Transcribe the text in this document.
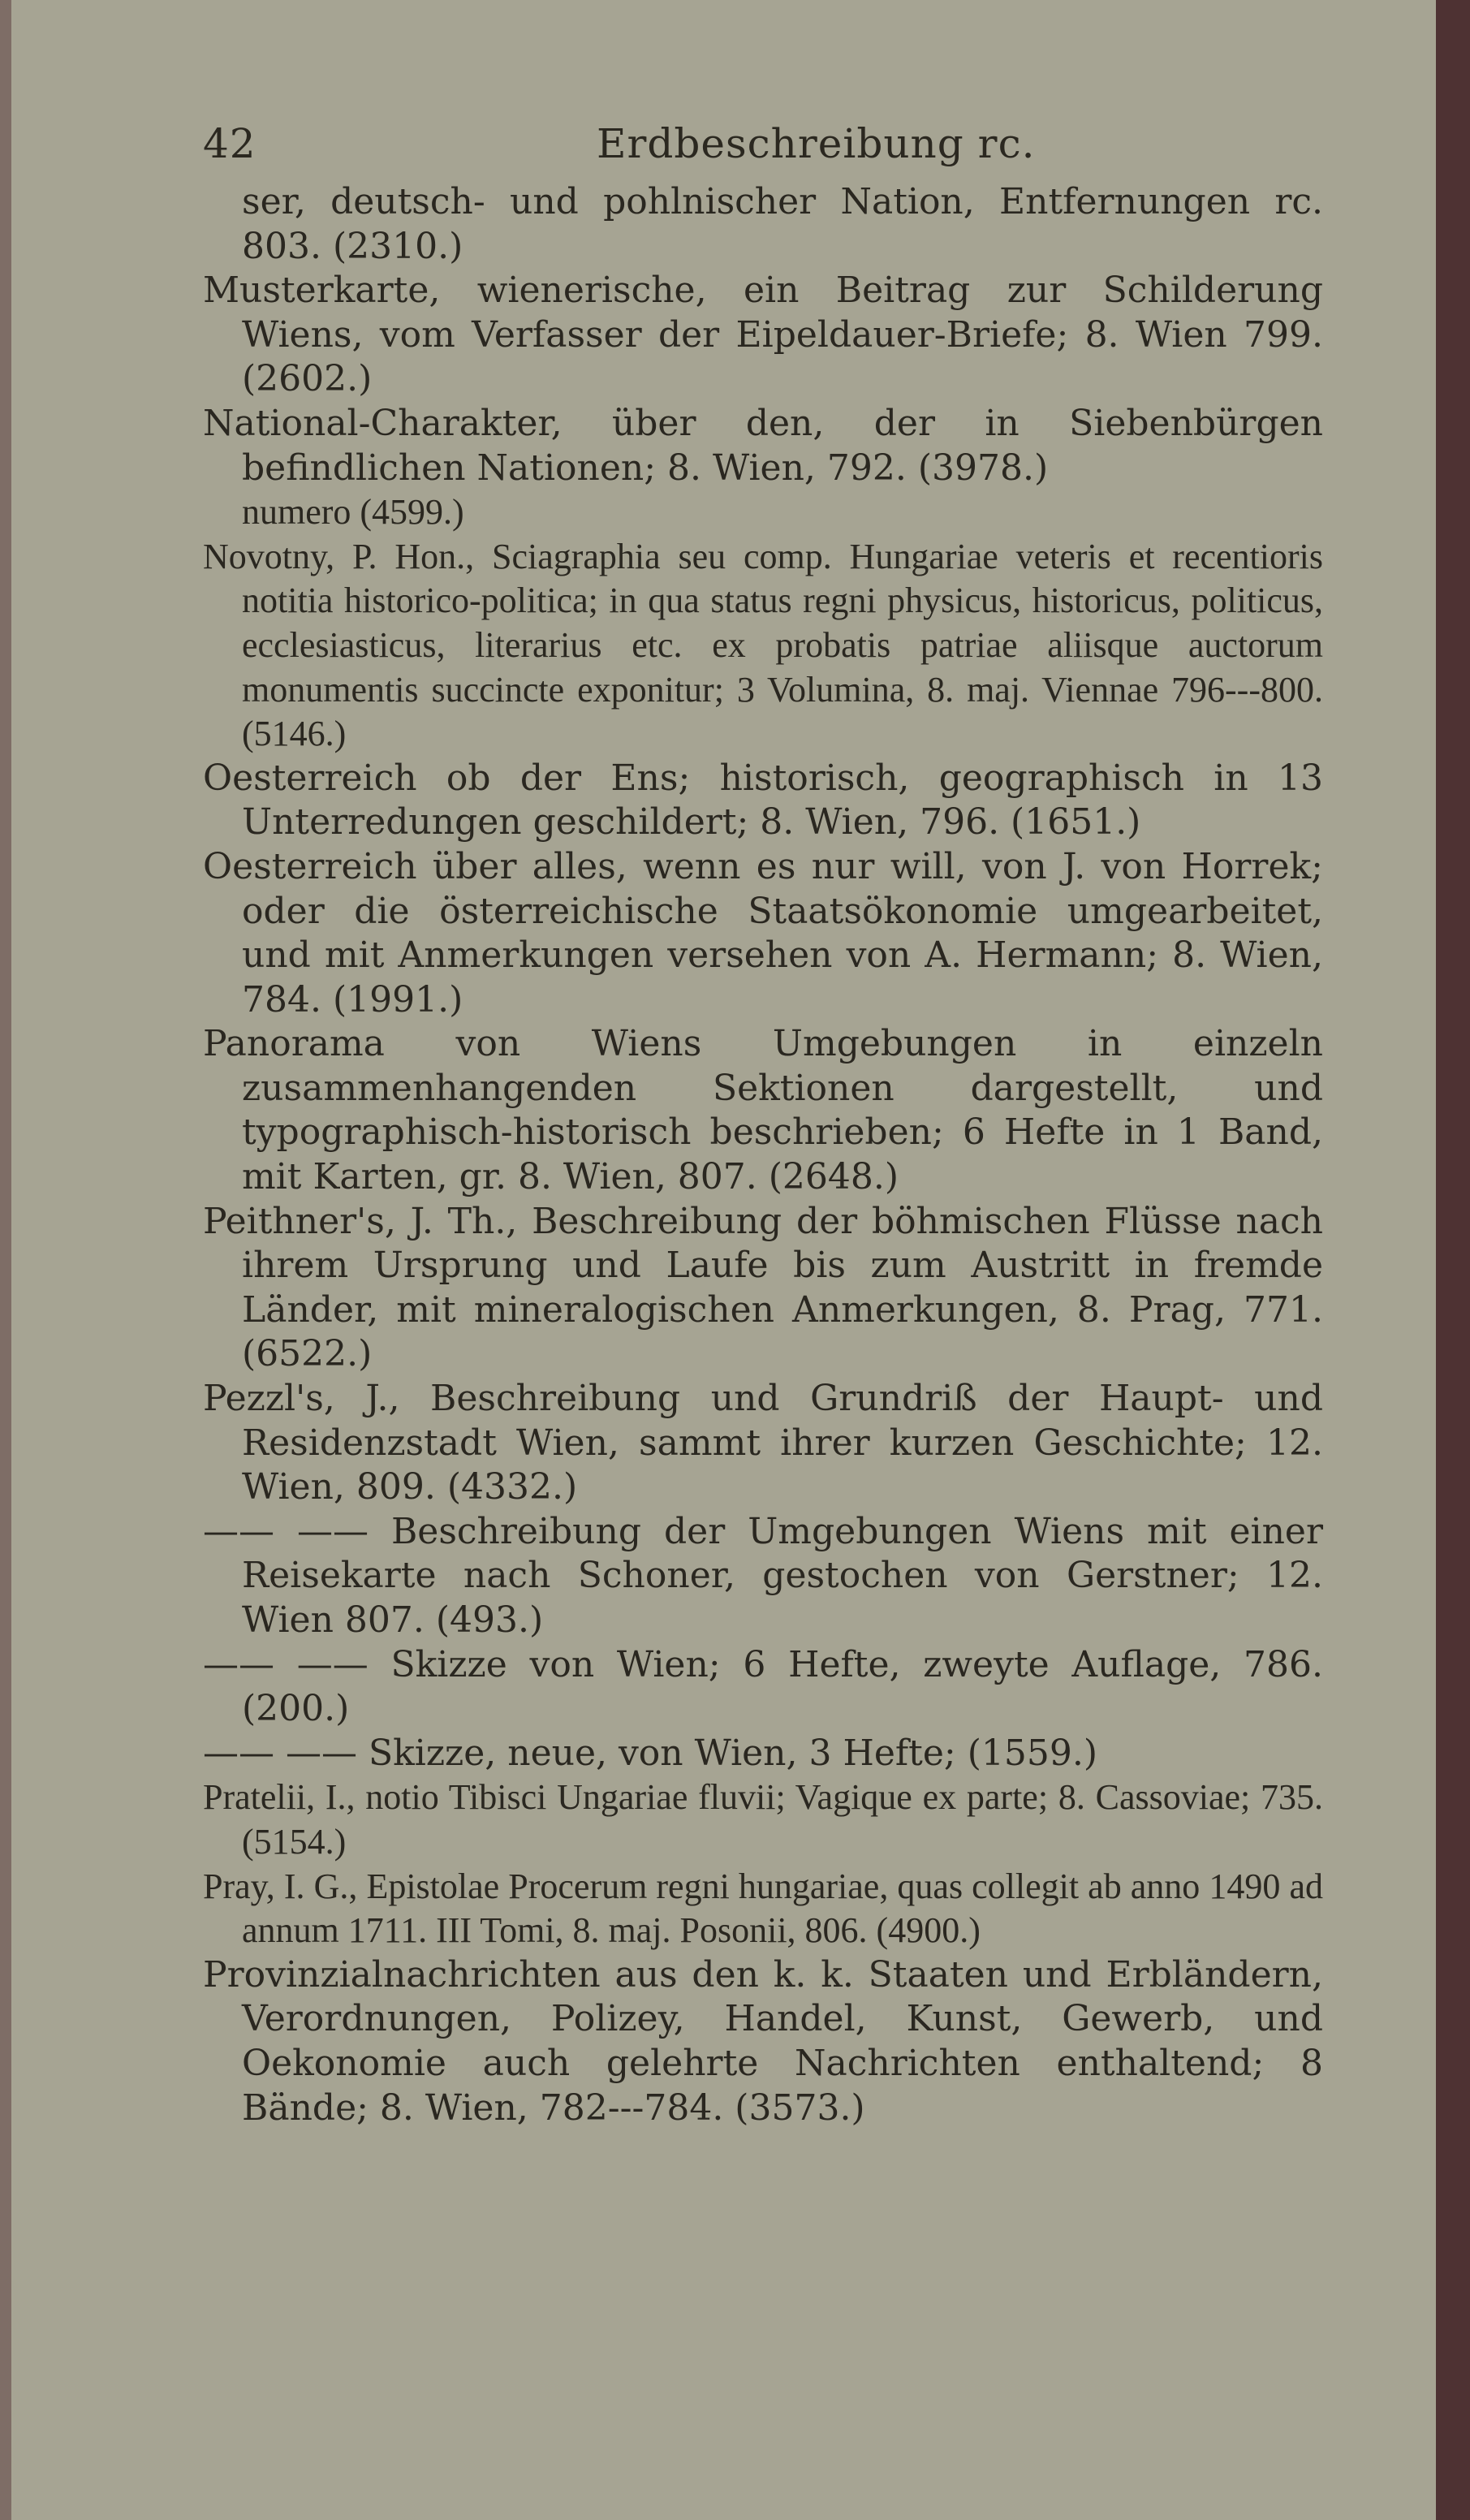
42	Erdbeschreibung rc.

ser, deutsch- und pohlnischer Nation, Entfernungen rc. 803. (2310.)

Musterkarte, wienerische, ein Beitrag zur Schilderung Wiens, vom Verfasser der Eipeldauer-Briefe; 8. Wien 799. (2602.)

National-Charakter, über den, der in Siebenbürgen befindlichen Nationen; 8. Wien, 792. (3978.)

numero (4599.)

Novotny, P. Hon., Sciagraphia seu comp. Hungariae veteris et recentioris notitia historico-politica; in qua status regni physicus, historicus, politicus, ecclesiasticus, literarius etc. ex probatis patriae aliisque auctorum monumentis succincte exponitur; 3 Volumina, 8. maj. Viennae 796---800. (5146.)

Oesterreich ob der Ens; historisch, geographisch in 13 Unterredungen geschildert; 8. Wien, 796. (1651.)

Oesterreich über alles, wenn es nur will, von J. von Horrek; oder die österreichische Staatsökonomie umgearbeitet, und mit Anmerkungen versehen von A. Hermann; 8. Wien, 784. (1991.)

Panorama von Wiens Umgebungen in einzeln zusammenhangenden Sektionen dargestellt, und typographisch-historisch beschrieben; 6 Hefte in 1 Band, mit Karten, gr. 8. Wien, 807. (2648.)

Peithner's, J. Th., Beschreibung der böhmischen Flüsse nach ihrem Ursprung und Laufe bis zum Austritt in fremde Länder, mit mineralogischen Anmerkungen, 8. Prag, 771. (6522.)

Pezzl's, J., Beschreibung und Grundriß der Haupt- und Residenzstadt Wien, sammt ihrer kurzen Geschichte; 12. Wien, 809. (4332.)

—— —— Beschreibung der Umgebungen Wiens mit einer Reisekarte nach Schoner, gestochen von Gerstner; 12. Wien 807. (493.)

—— —— Skizze von Wien; 6 Hefte, zweyte Auflage, 786. (200.)

—— —— Skizze, neue, von Wien, 3 Hefte; (1559.)

Pratelii, I., notio Tibisci Ungariae fluvii; Vagique ex parte; 8. Cassoviae; 735. (5154.)

Pray, I. G., Epistolae Procerum regni hungariae, quas collegit ab anno 1490 ad annum 1711. III Tomi, 8. maj. Posonii, 806. (4900.)

Provinzialnachrichten aus den k. k. Staaten und Erbländern, Verordnungen, Polizey, Handel, Kunst, Gewerb, und Oekonomie auch gelehrte Nachrichten enthaltend; 8 Bände; 8. Wien, 782---784. (3573.)
